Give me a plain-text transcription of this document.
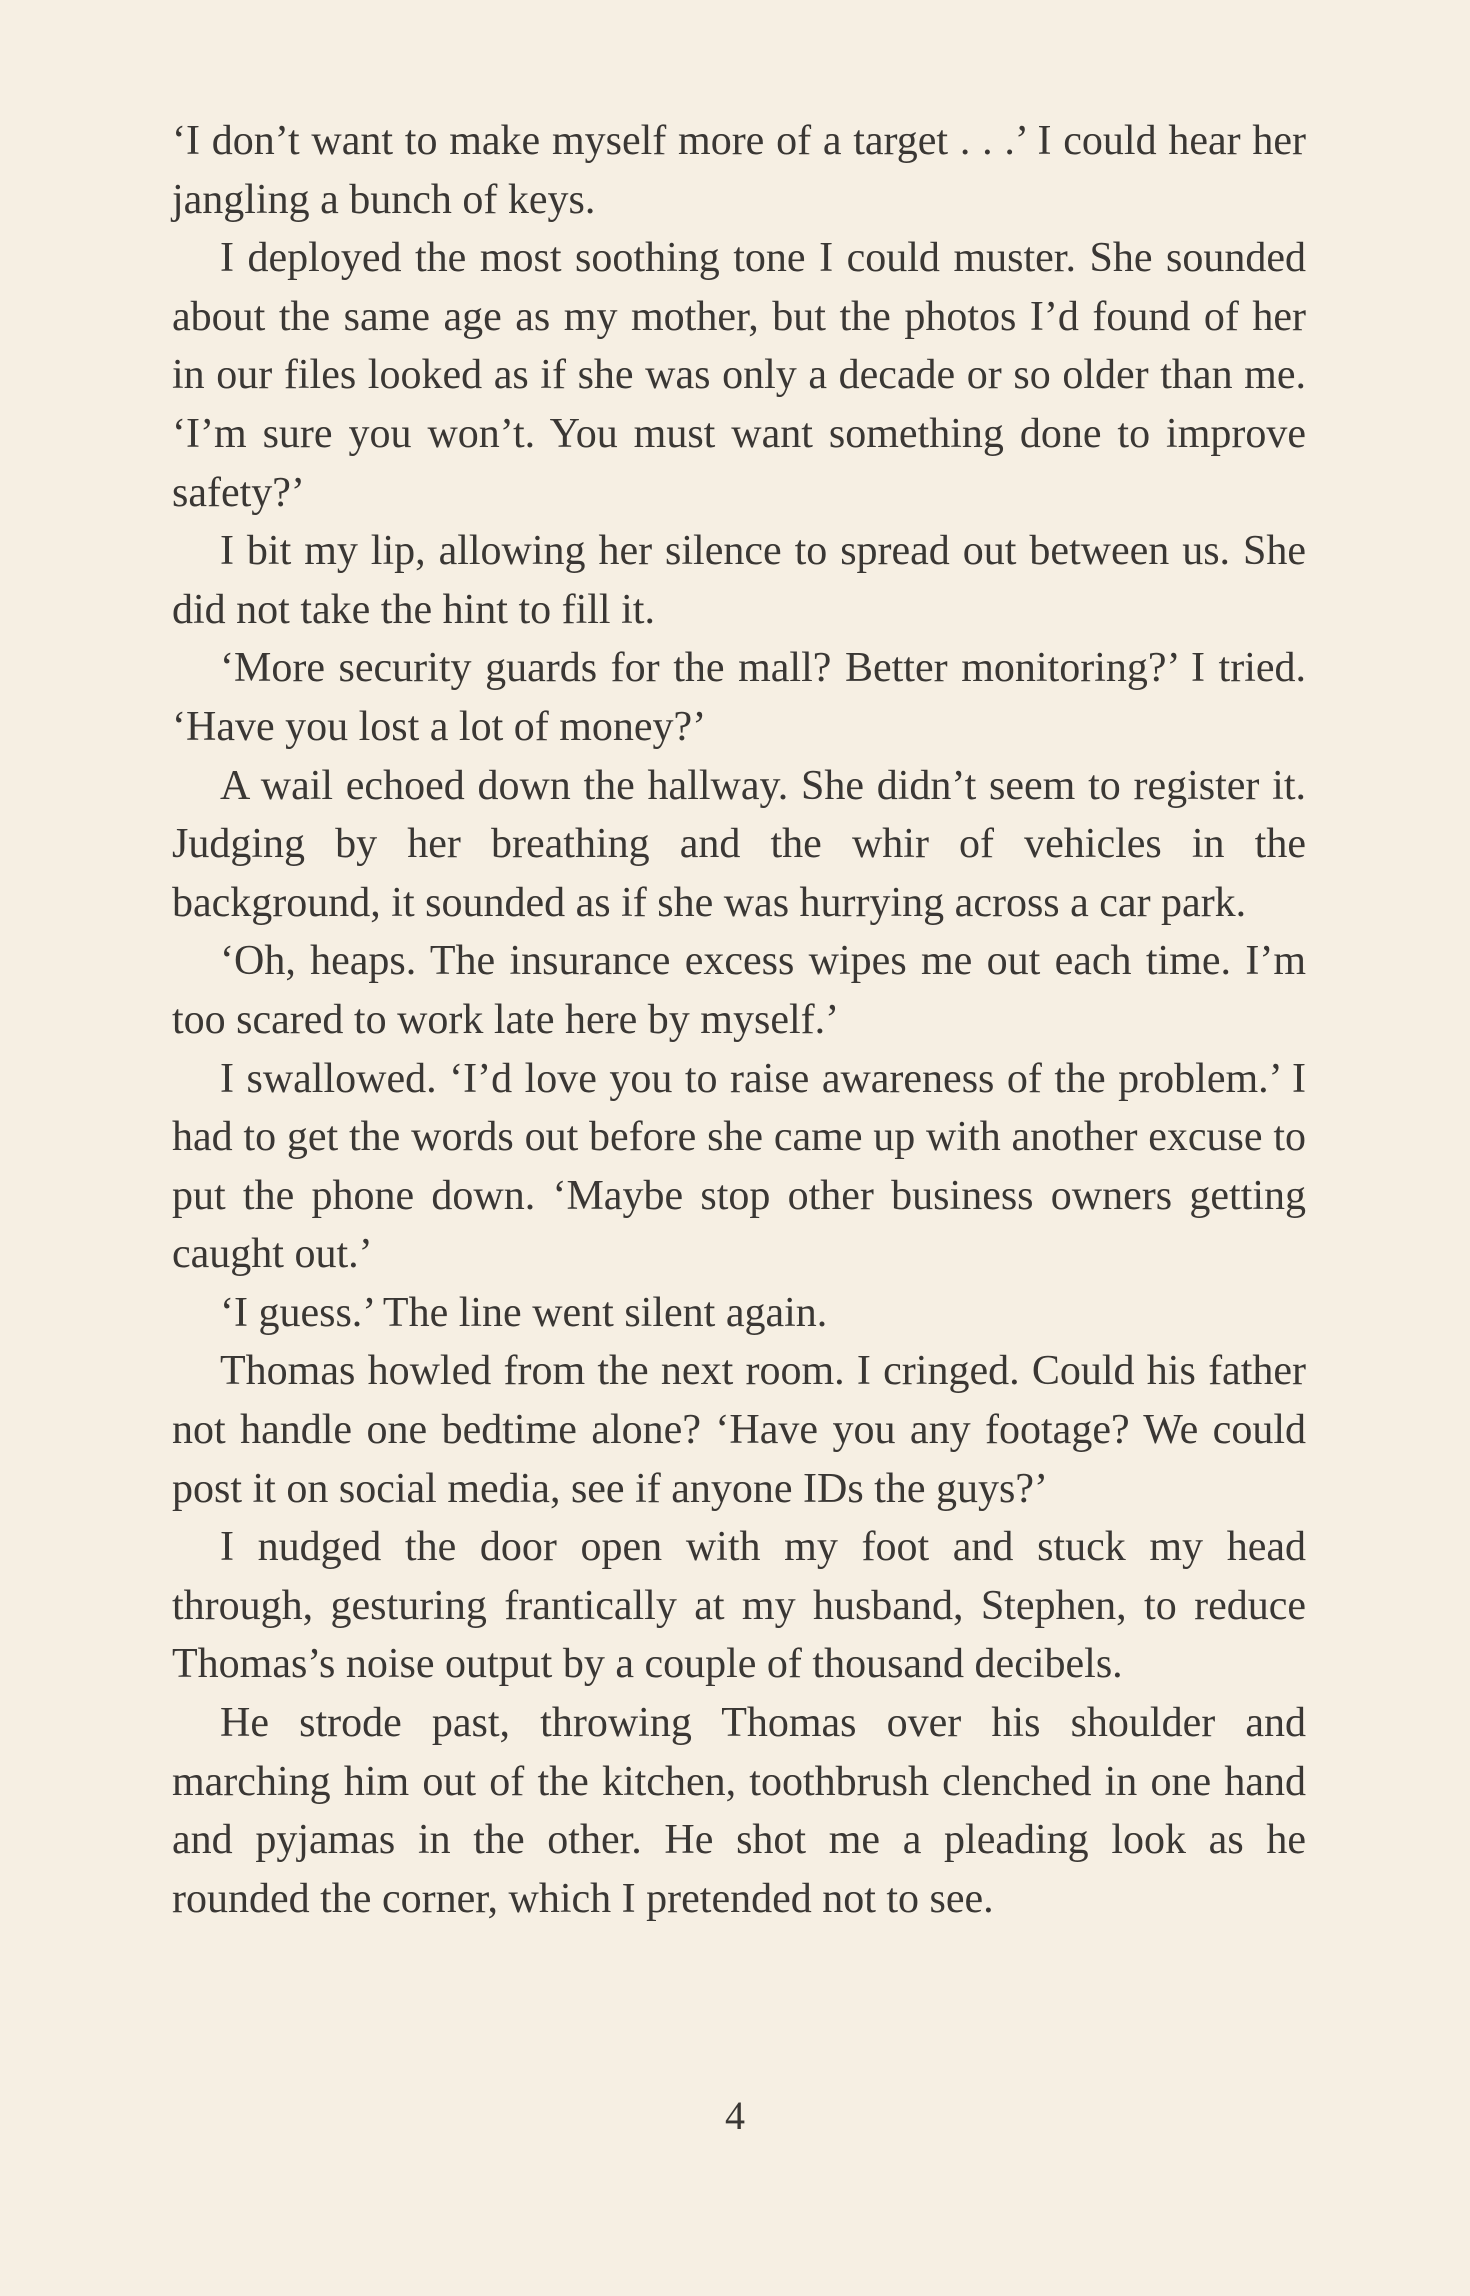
‘I don’t want to make myself more of a target . . .’ I could hear her jangling a bunch of keys.

I deployed the most soothing tone I could muster. She sounded about the same age as my mother, but the photos I’d found of her in our files looked as if she was only a decade or so older than me. ‘I’m sure you won’t. You must want something done to improve safety?’

I bit my lip, allowing her silence to spread out between us. She did not take the hint to fill it.

‘More security guards for the mall? Better monitoring?’ I tried. ‘Have you lost a lot of money?’

A wail echoed down the hallway. She didn’t seem to register it. Judging by her breathing and the whir of vehicles in the background, it sounded as if she was hurrying across a car park.

‘Oh, heaps. The insurance excess wipes me out each time. I’m too scared to work late here by myself.’

I swallowed. ‘I’d love you to raise awareness of the problem.’ I had to get the words out before she came up with another excuse to put the phone down. ‘Maybe stop other business owners getting caught out.’

‘I guess.’ The line went silent again.

Thomas howled from the next room. I cringed. Could his father not handle one bedtime alone? ‘Have you any footage? We could post it on social media, see if anyone IDs the guys?’

I nudged the door open with my foot and stuck my head through, gesturing frantically at my husband, Stephen, to reduce Thomas’s noise output by a couple of thousand decibels.

He strode past, throwing Thomas over his shoulder and marching him out of the kitchen, toothbrush clenched in one hand and pyjamas in the other. He shot me a pleading look as he rounded the corner, which I pretended not to see.

4
